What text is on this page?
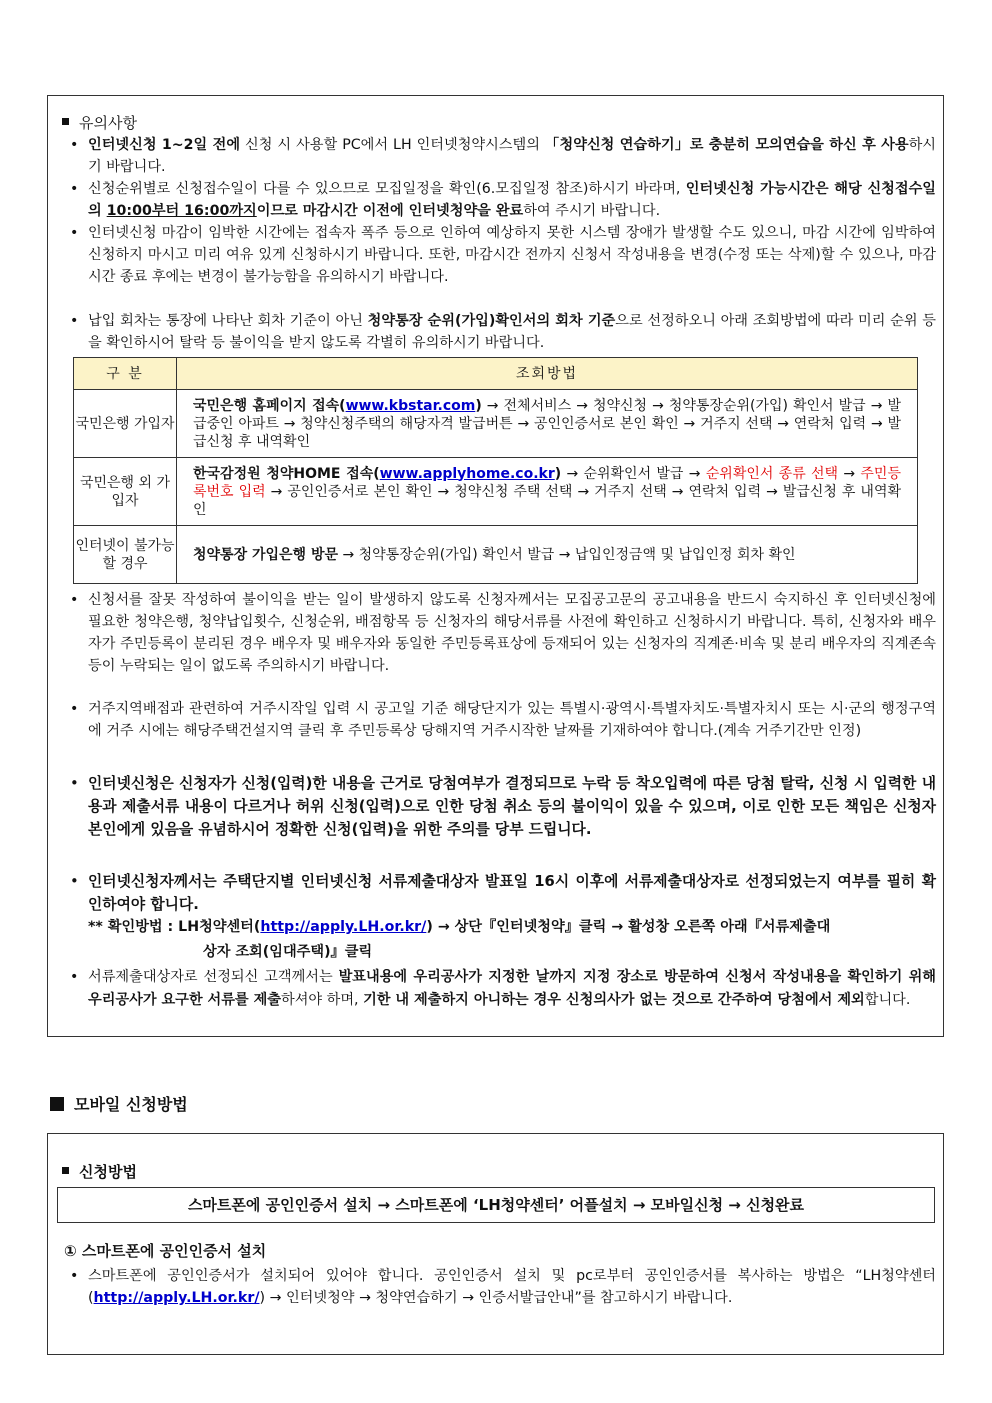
유의사항
• 인터넷신청 1~2일 전에 신청 시 사용할 PC에서 LH 인터넷청약시스템의 「청약신청 연습하기」로 충분히 모의연습을 하신 후 사용하시기 바랍니다.
• 신청순위별로 신청접수일이 다를 수 있으므로 모집일정을 확인(6.모집일정 참조)하시기 바라며, 인터넷신청 가능시간은 해당 신청접수일의 10:00부터 16:00까지이므로 마감시간 이전에 인터넷청약을 완료하여 주시기 바랍니다.
• 인터넷신청 마감이 임박한 시간에는 접속자 폭주 등으로 인하여 예상하지 못한 시스템 장애가 발생할 수도 있으니, 마감 시간에 임박하여 신청하지 마시고 미리 여유 있게 신청하시기 바랍니다. 또한, 마감시간 전까지 신청서 작성내용을 변경(수정 또는 삭제)할 수 있으나, 마감 시간 종료 후에는 변경이 불가능함을 유의하시기 바랍니다.
• 납입 회차는 통장에 나타난 회차 기준이 아닌 청약통장 순위(가입)확인서의 회차 기준으로 선정하오니 아래 조회방법에 따라 미리 순위 등을 확인하시어 탈락 등 불이익을 받지 않도록 각별히 유의하시기 바랍니다.
구 분	조회방법
국민은행 가입자	국민은행 홈페이지 접속(www.kbstar.com) → 전체서비스 → 청약신청 → 청약통장순위(가입) 확인서 발급 → 발급중인 아파트 → 청약신청주택의 해당자격 발급버튼 → 공인인증서로 본인 확인 → 거주지 선택 → 연락처 입력 → 발급신청 후 내역확인
국민은행 외 가입자	한국감정원 청약HOME 접속(www.applyhome.co.kr) → 순위확인서 발급 → 순위확인서 종류 선택 → 주민등록번호 입력 → 공인인증서로 본인 확인 → 청약신청 주택 선택 → 거주지 선택 → 연락처 입력 → 발급신청 후 내역확인
인터넷이 불가능 할 경우	청약통장 가입은행 방문 → 청약통장순위(가입) 확인서 발급 → 납입인정금액 및 납입인정 회차 확인
• 신청서를 잘못 작성하여 불이익을 받는 일이 발생하지 않도록 신청자께서는 모집공고문의 공고내용을 반드시 숙지하신 후 인터넷신청에 필요한 청약은행, 청약납입횟수, 신청순위, 배점항목 등 신청자의 해당서류를 사전에 확인하고 신청하시기 바랍니다. 특히, 신청자와 배우자가 주민등록이 분리된 경우 배우자 및 배우자와 동일한 주민등록표상에 등재되어 있는 신청자의 직계존·비속 및 분리 배우자의 직계존속 등이 누락되는 일이 없도록 주의하시기 바랍니다.
• 거주지역배점과 관련하여 거주시작일 입력 시 공고일 기준 해당단지가 있는 특별시·광역시·특별자치도·특별자치시 또는 시·군의 행정구역에 거주 시에는 해당주택건설지역 클릭 후 주민등록상 당해지역 거주시작한 날짜를 기재하여야 합니다.(계속 거주기간만 인정)
• 인터넷신청은 신청자가 신청(입력)한 내용을 근거로 당첨여부가 결정되므로 누락 등 착오입력에 따른 당첨 탈락, 신청 시 입력한 내용과 제출서류 내용이 다르거나 허위 신청(입력)으로 인한 당첨 취소 등의 불이익이 있을 수 있으며, 이로 인한 모든 책임은 신청자 본인에게 있음을 유념하시어 정확한 신청(입력)을 위한 주의를 당부 드립니다.
• 인터넷신청자께서는 주택단지별 인터넷신청 서류제출대상자 발표일 16시 이후에 서류제출대상자로 선정되었는지 여부를 필히 확인하여야 합니다.
** 확인방법 : LH청약센터(http://apply.LH.or.kr/) → 상단『인터넷청약』클릭 → 활성창 오른쪽 아래『서류제출대
상자 조회(임대주택)』클릭
• 서류제출대상자로 선정되신 고객께서는 발표내용에 우리공사가 지정한 날까지 지정 장소로 방문하여 신청서 작성내용을 확인하기 위해 우리공사가 요구한 서류를 제출하셔야 하며, 기한 내 제출하지 아니하는 경우 신청의사가 없는 것으로 간주하여 당첨에서 제외합니다.
모바일 신청방법
신청방법
스마트폰에 공인인증서 설치 → 스마트폰에 ‘LH청약센터’ 어플설치 → 모바일신청 → 신청완료
① 스마트폰에 공인인증서 설치
• 스마트폰에 공인인증서가 설치되어 있어야 합니다. 공인인증서 설치 및 pc로부터 공인인증서를 복사하는 방법은 “LH청약센터(http://apply.LH.or.kr/) → 인터넷청약 → 청약연습하기 → 인증서발급안내”를 참고하시기 바랍니다.
